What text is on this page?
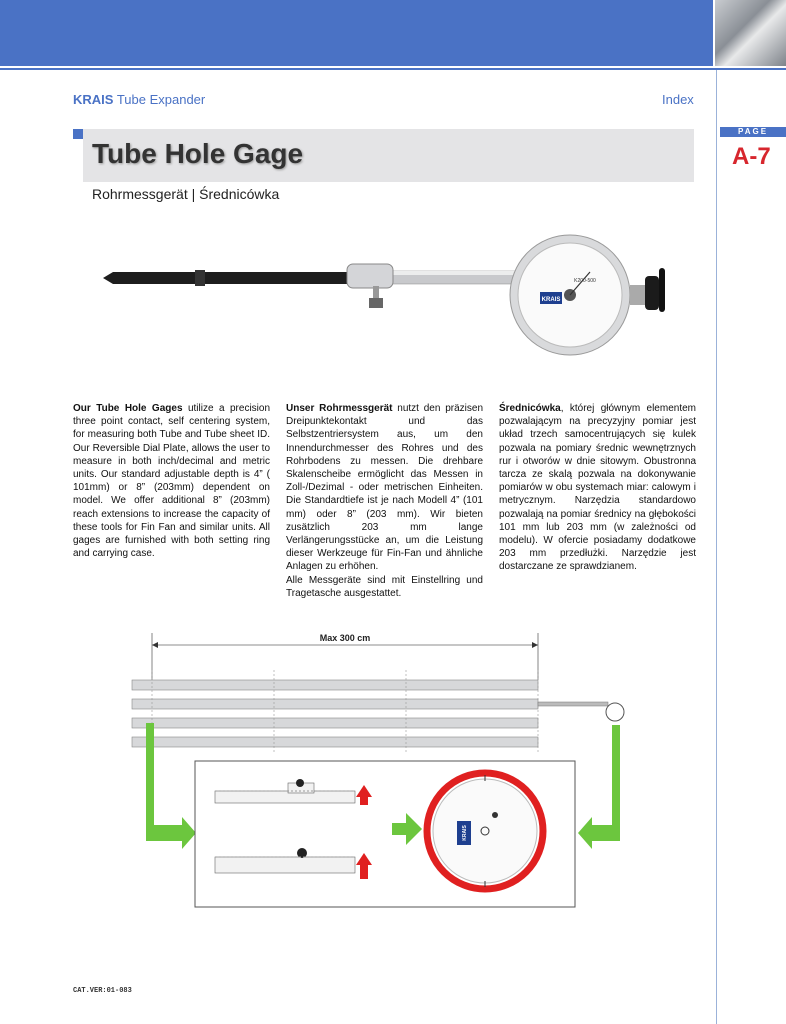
KRAIS Tube Expander	Index
PAGE
A-7
Tube Hole Gage
Rohrmessgerät | Średnicówka
KRAIS
K200-500

Our Tube Hole Gages utilize a precision three point contact, self centering system, for measuring both Tube and Tube sheet ID. Our Reversible Dial Plate, allows the user to measure in both inch/decimal and metric units. Our standard adjustable depth is 4” ( 101mm) or 8” (203mm) dependent on model. We offer additional 8” (203mm) reach extensions to increase the capacity of these tools for Fin Fan and similar units. All gages are furnished with both setting ring and carrying case.

Unser Rohrmessgerät nutzt den präzisen Dreipunktekontakt und das Selbstzentriersystem aus, um den Innendurchmesser des Rohres und des Rohrbodens zu messen. Die drehbare Skalenscheibe ermöglicht das Messen in Zoll-/Dezimal - oder metrischen Einheiten. Die Standardtiefe ist je nach Modell 4” (101 mm) oder 8” (203 mm). Wir bieten zusätzlich 203 mm lange Verlängerungsstücke an, um die Leistung dieser Werkzeuge für Fin-Fan und ähnliche Anlagen zu erhöhen.

Alle Messgeräte sind mit Einstellring und Tragetasche ausgestattet.

Średnicówka, której głównym elementem pozwalającym na precyzyjny pomiar jest układ trzech samocentrujących się kulek pozwala na pomiary średnic wewnętrznych rur i otworów w dnie sitowym. Obustronna tarcza ze skalą pozwala na dokonywanie pomiarów w obu systemach miar: calowym i metrycznym. Narzędzia standardowo pozwalają na pomiar średnicy na głębokości 101 mm lub 203 mm (w zależności od modelu). W ofercie posiadamy dodatkowe 203 mm przedłużki. Narzędzie jest dostarczane ze sprawdzianem.

Max 300 cm
KRAIS
CAT.VER:01-083
